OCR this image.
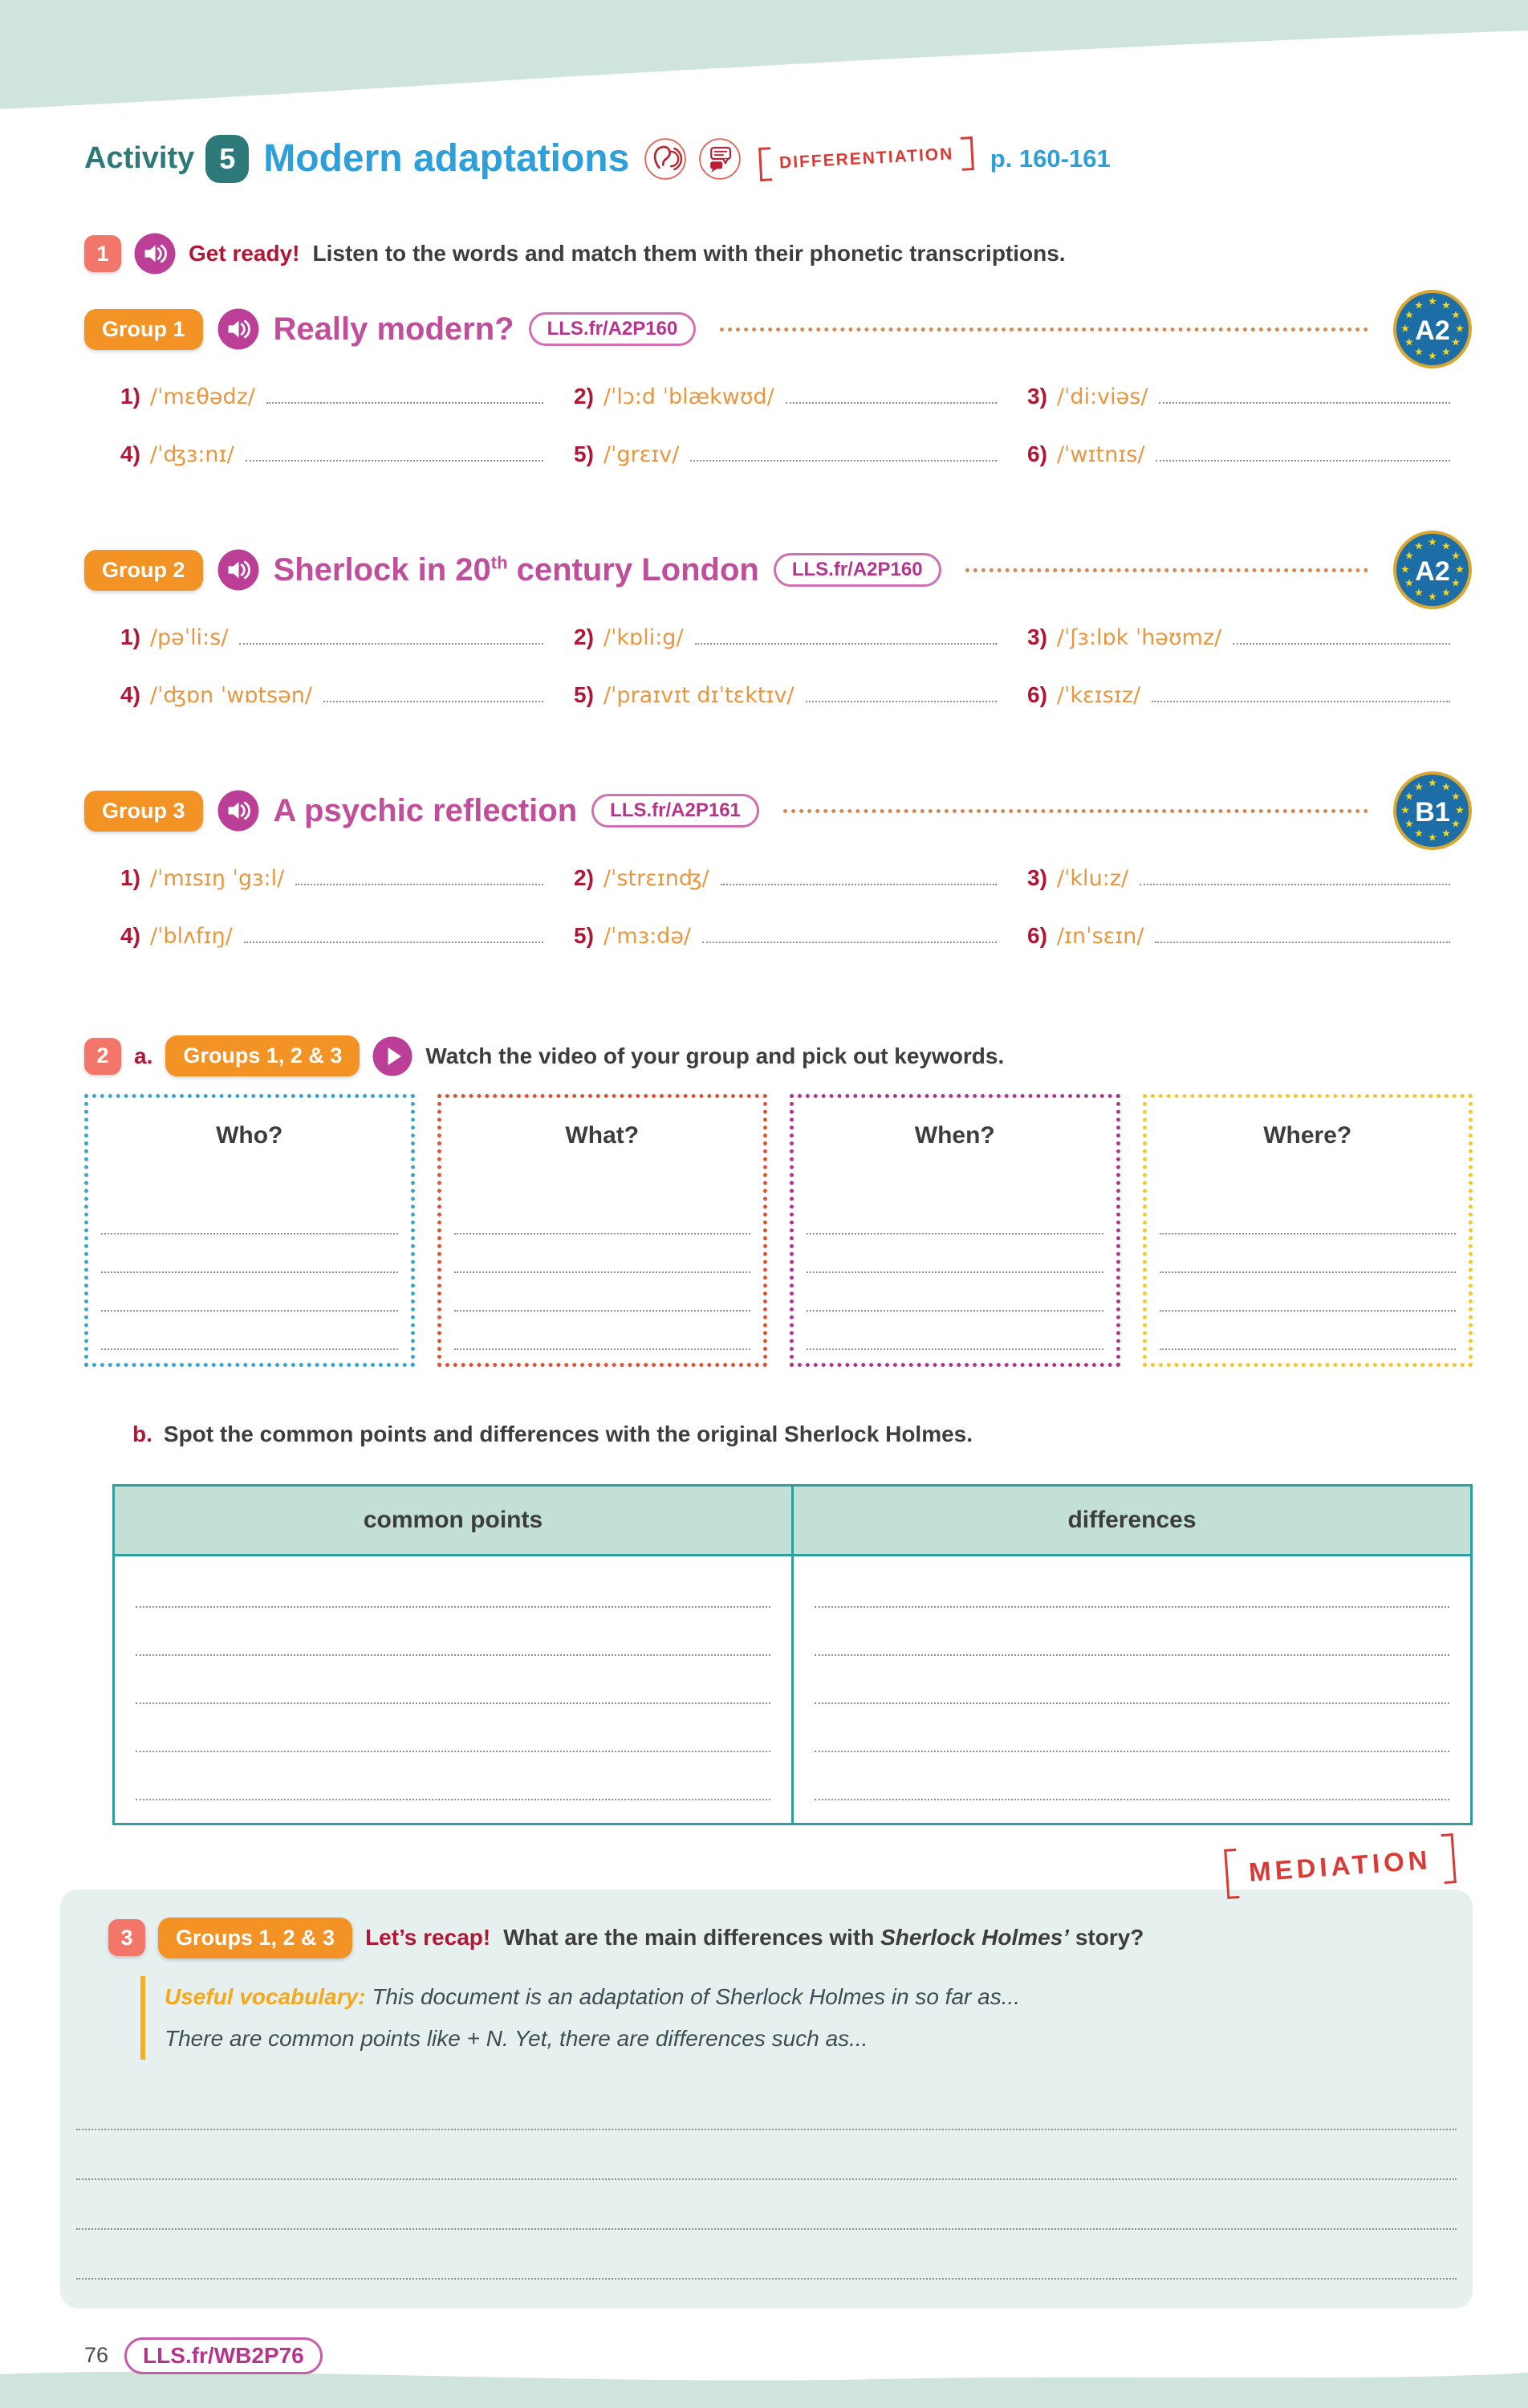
Activity 5 Modern adaptations	DIFFERENTIATION	p. 160-161
1	Get ready! Listen to the words and match them with their phonetic transcriptions.
Group 1	Really modern?	LLS.fr/A2P160
★ ★
★
★
★
★
★
★
★
★
★
★
A2
1) /ˈmɛθədz/	2) /ˈlɔ:d ˈblækwʊd/	3) /ˈdi:viəs/
4) /ˈʤɜ:nɪ/	5) /ˈgrɛɪv/	6) /ˈwɪtnɪs/
Group 2	Sherlock in 20th century London	LLS.fr/A2P160
★ ★
★
★
★
★
★
★
★
★
★
★
A2
1) /pəˈli:s/	2) /ˈkɒli:g/	3) /ˈʃɜ:lɒk ˈhəʊmz/
4) /ˈʤɒn ˈwɒtsən/	5) /ˈpraɪvɪt dɪˈtɛktɪv/	6) /ˈkɛɪsɪz/
Group 3	A psychic reflection	LLS.fr/A2P161
★ ★
★
★
★
★
★
★
★
★
★
★
B1
1) /ˈmɪsɪŋ ˈgɜ:l/	2) /ˈstrɛɪnʤ/	3) /ˈklu:z/
4) /ˈblʌfɪŋ/	5) /ˈmɜ:də/	6) /ɪnˈsɛɪn/
2	a.	Groups 1, 2 & 3	Watch the video of your group and pick out keywords.
Who?	What?	When?	Where?
b. Spot the common points and differences with the original Sherlock Holmes.
common points	differences
MEDIATION
3	Groups 1, 2 & 3	Let’s recap! What are the main differences with Sherlock Holmes’ story?
Useful vocabulary: This document is an adaptation of Sherlock Holmes in so far as...
There are common points like + N. Yet, there are differences such as...
76	LLS.fr/WB2P76
